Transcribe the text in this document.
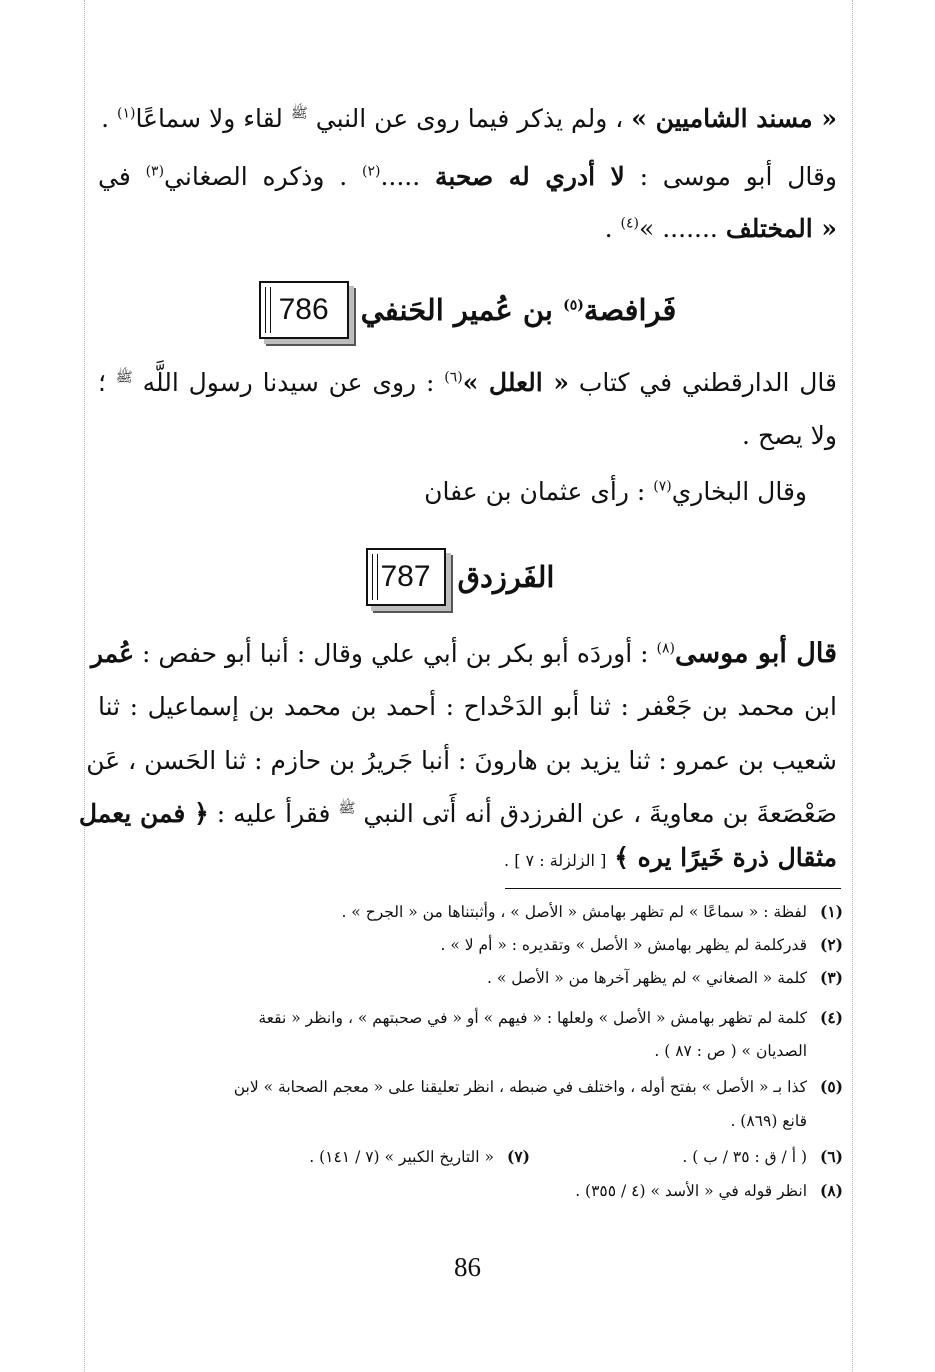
« مسند الشاميين » ، ولم يذكر فيما روى عن النبي $^ﷺ$ لقاء ولا سماعًا$^{(١)}$ .
وقال أبو موسى : لا أدري له صحبة .....$^{(٢)}$ . وذكره الصغاني$^{(٣)}$ في
« المختلف ....... »$^{(٤)}$ .
786	فَرافصة$^{(٥)}$ بن عُمير الحَنفي
قال الدارقطني في كتاب « العلل »$^{(٦)}$ : روى عن سيدنا رسول اللَّه $^ﷺ$ ؛
ولا يصح .
وقال البخاري$^{(٧)}$ : رأى عثمان بن عفان
787 الفَرزدق
قال أبو موسى$^{(٨)}$ : أوردَه أبو بكر بن أبي علي وقال : أنبا أبو حفص : عُمر
ابن محمد بن جَعْفر : ثنا أبو الدَحْداح : أحمد بن محمد بن إسماعيل : ثنا
شعيب بن عمرو : ثنا يزيد بن هارونَ : أنبا جَريرُ بن حازم : ثنا الحَسن ، عَن
صَعْصَعةَ بن معاويةَ ، عن الفرزدق أنه أَتى النبي $^ﷺ$ فقرأ عليه : ﴿ فمن يعمل
مثقال ذرة خَيرًا يره ﴾ [ الزلزلة : ٧ ] .
(١)لفظة : « سماعًا » لم تظهر بهامش « الأصل » ، وأثبتناها من « الجرح » .
(٢)قدركلمة لم يظهر بهامش « الأصل » وتقديره : « أم لا » .
(٣)كلمة « الصغاني » لم يظهر آخرها من « الأصل » .
(٤)كلمة لم تظهر بهامش « الأصل » ولعلها : « فيهم » أو « في صحبتهم » ، وانظر « نقعة
الصديان » ( ص : ٨٧ ) .
(٥)كذا بـ « الأصل » بفتح أوله ، واختلف في ضبطه ، انظر تعليقنا على « معجم الصحابة » لابن
قانع (٨٦٩) .
(٦)( أ / ق : ٣٥ / ب ) .
(٧)« التاريخ الكبير » (٧ / ١٤١) .
(٨)انظر قوله في « الأسد » (٤ / ٣٥٥) .
86
